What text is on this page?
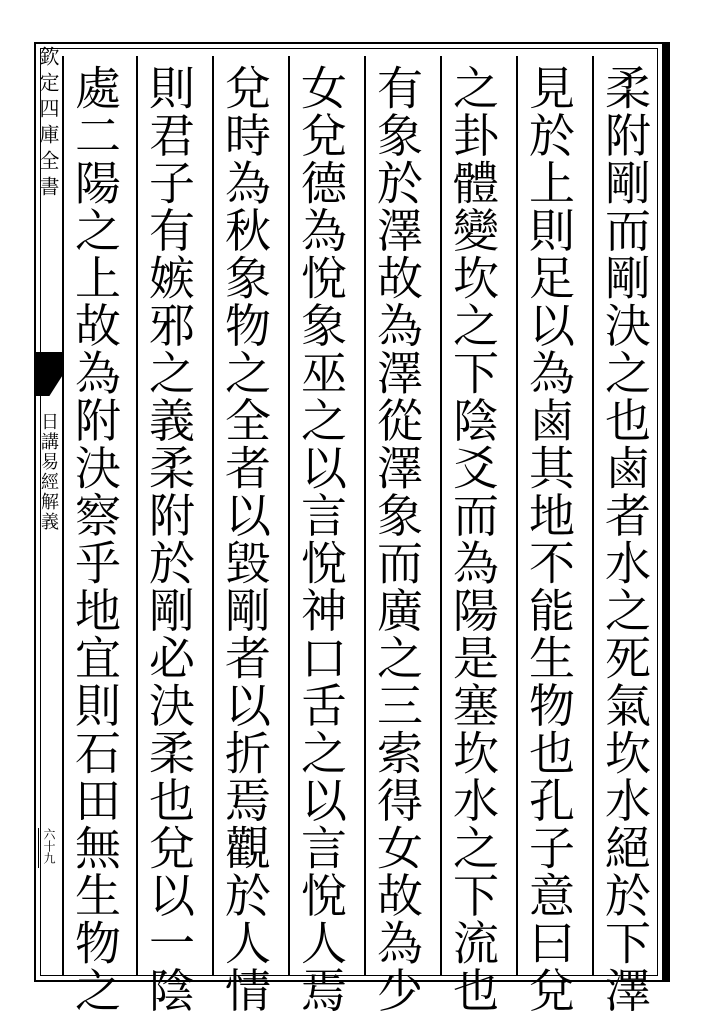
欽定四庫全書
日講易經解義
六十九	柔附剛而剛決之也鹵者水之死氣坎水絕於下澤
見於上則足以為鹵其地不能生物也孔子意曰兌
之卦體變坎之下陰爻而為陽是塞坎水之下流也
有象於澤故為澤從澤象而廣之三索得女故為少
女兌德為悅象巫之以言悅神口舌之以言悅人焉
兌時為秋象物之全者以毀剛者以折焉觀於人情
則君子有嫉邪之義柔附於剛必決柔也兌以一陰
處二陽之上故為附決察乎地宜則石田無生物之
